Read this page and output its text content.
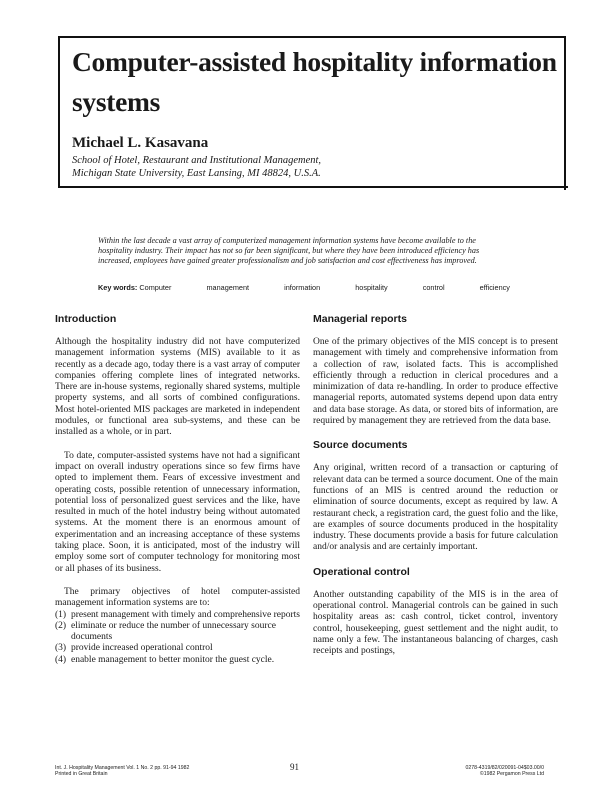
Computer-assisted hospitality information systems
Michael L. Kasavana
School of Hotel, Restaurant and Institutional Management,
Michigan State University, East Lansing, MI 48824, U.S.A.
Within the last decade a vast array of computerized management information systems have become available to the hospitality industry. Their impact has not so far been significant, but where they have been introduced efficiency has increased, employees have gained greater professionalism and job satisfaction and cost effectiveness has improved.
Key words: Computer	management	information	hospitality	control	efficiency
Introduction

Although the hospitality industry did not have computerized management information systems (MIS) available to it as recently as a decade ago, today there is a vast array of computer companies offering complete lines of integrated networks. There are in-house systems, regionally shared systems, multiple property systems, and all sorts of combined configurations. Most hotel-oriented MIS packages are marketed in independent modules, or functional area sub-systems, and these can be installed as a whole, or in part.

To date, computer-assisted systems have not had a significant impact on overall industry operations since so few firms have opted to implement them. Fears of excessive investment and operating costs, possible retention of unnecessary information, potential loss of personalized guest services and the like, have resulted in much of the hotel industry being without automated systems. At the moment there is an enormous amount of experimentation and an increasing acceptance of these systems taking place. Soon, it is anticipated, most of the industry will employ some sort of computer technology for monitoring most or all phases of its business.

The primary objectives of hotel computer-assisted management information systems are to:

(1) present management with timely and comprehensive reports
(2) eliminate or reduce the number of unnecessary source documents
(3) provide increased operational control
(4) enable management to better monitor the guest cycle.
Managerial reports

One of the primary objectives of the MIS concept is to present management with timely and comprehensive information from a collection of raw, isolated facts. This is accomplished efficiently through a reduction in clerical procedures and a minimization of data re-handling. In order to produce effective managerial reports, automated systems depend upon data entry and data base storage. As data, or stored bits of information, are required by management they are retrieved from the data base.

Source documents

Any original, written record of a transaction or capturing of relevant data can be termed a source document. One of the main functions of an MIS is centred around the reduction or elimination of source documents, except as required by law. A restaurant check, a registration card, the guest folio and the like, are examples of source documents produced in the hospitality industry. These documents provide a basis for future calculation and/or analysis and are certainly important.

Operational control

Another outstanding capability of the MIS is in the area of operational control. Managerial controls can be gained in such hospitality areas as: cash control, ticket control, inventory control, housekeeping, guest settlement and the night audit, to name only a few. The instantaneous balancing of charges, cash receipts and postings,

Int. J. Hospitality Management Vol. 1 No. 2 pp. 91-94 1982
Printed in Great Britain
91	0278-4319/82/020091-04$03.00/0
©1982 Pergamon Press Ltd
